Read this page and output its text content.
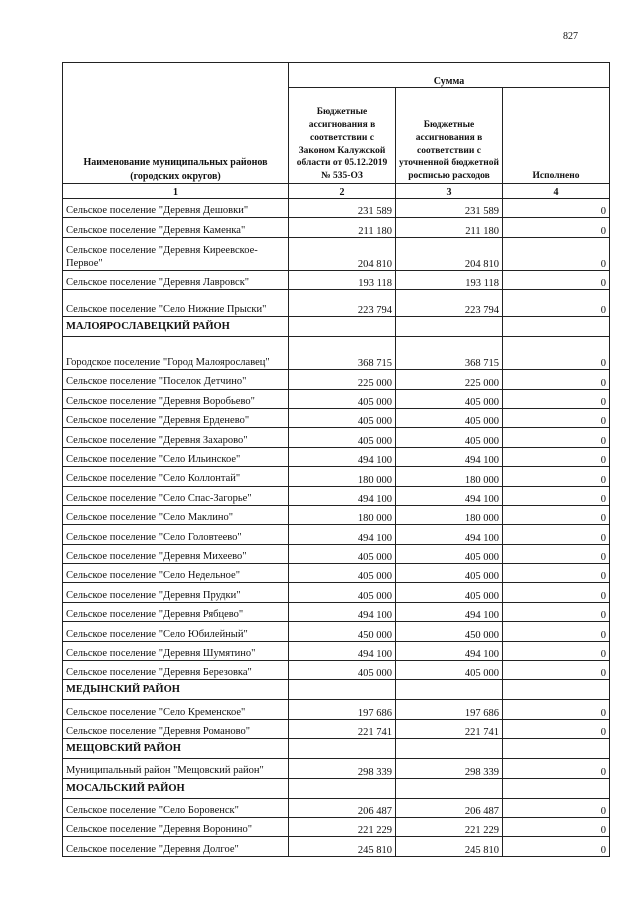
827
Наименование муниципальных районов (городских округов)	Сумма		
	Бюджетные ассигнования в соответствии с Законом Калужской области от 05.12.2019 № 535-ОЗ	Бюджетные ассигнования в соответствии с уточненной бюджетной росписью расходов	Исполнено
1	2	3	4
Сельское поселение "Деревня Дешовки"	231 589	231 589	0
Сельское поселение "Деревня Каменка"	211 180	211 180	0
Сельское поселение "Деревня Киреевское-Первое"	204 810	204 810	0
Сельское поселение "Деревня Лавровск"	193 118	193 118	0
Сельское поселение "Село Нижние Прыски"	223 794	223 794	0
МАЛОЯРОСЛАВЕЦКИЙ РАЙОН			
Городское поселение "Город Малоярославец"	368 715	368 715	0
Сельское поселение "Поселок Детчино"	225 000	225 000	0
Сельское поселение "Деревня Воробьево"	405 000	405 000	0
Сельское поселение "Деревня Ерденево"	405 000	405 000	0
Сельское поселение "Деревня Захарово"	405 000	405 000	0
Сельское поселение "Село Ильинское"	494 100	494 100	0
Сельское поселение "Село Коллонтай"	180 000	180 000	0
Сельское поселение "Село Спас-Загорье"	494 100	494 100	0
Сельское поселение "Село Маклино"	180 000	180 000	0
Сельское поселение "Село Головтеево"	494 100	494 100	0
Сельское поселение "Деревня Михеево"	405 000	405 000	0
Сельское поселение "Село Недельное"	405 000	405 000	0
Сельское поселение "Деревня Прудки"	405 000	405 000	0
Сельское поселение "Деревня Рябцево"	494 100	494 100	0
Сельское поселение "Село Юбилейный"	450 000	450 000	0
Сельское поселение "Деревня Шумятино"	494 100	494 100	0
Сельское поселение "Деревня Березовка"	405 000	405 000	0
МЕДЫНСКИЙ РАЙОН			
Сельское поселение "Село Кременское"	197 686	197 686	0
Сельское поселение "Деревня Романово"	221 741	221 741	0
МЕЩОВСКИЙ РАЙОН			
Муниципальный район "Мещовский район"	298 339	298 339	0
МОСАЛЬСКИЙ РАЙОН			
Сельское поселение "Село Боровенск"	206 487	206 487	0
Сельское поселение "Деревня Воронино"	221 229	221 229	0
Сельское поселение "Деревня Долгое"	245 810	245 810	0
